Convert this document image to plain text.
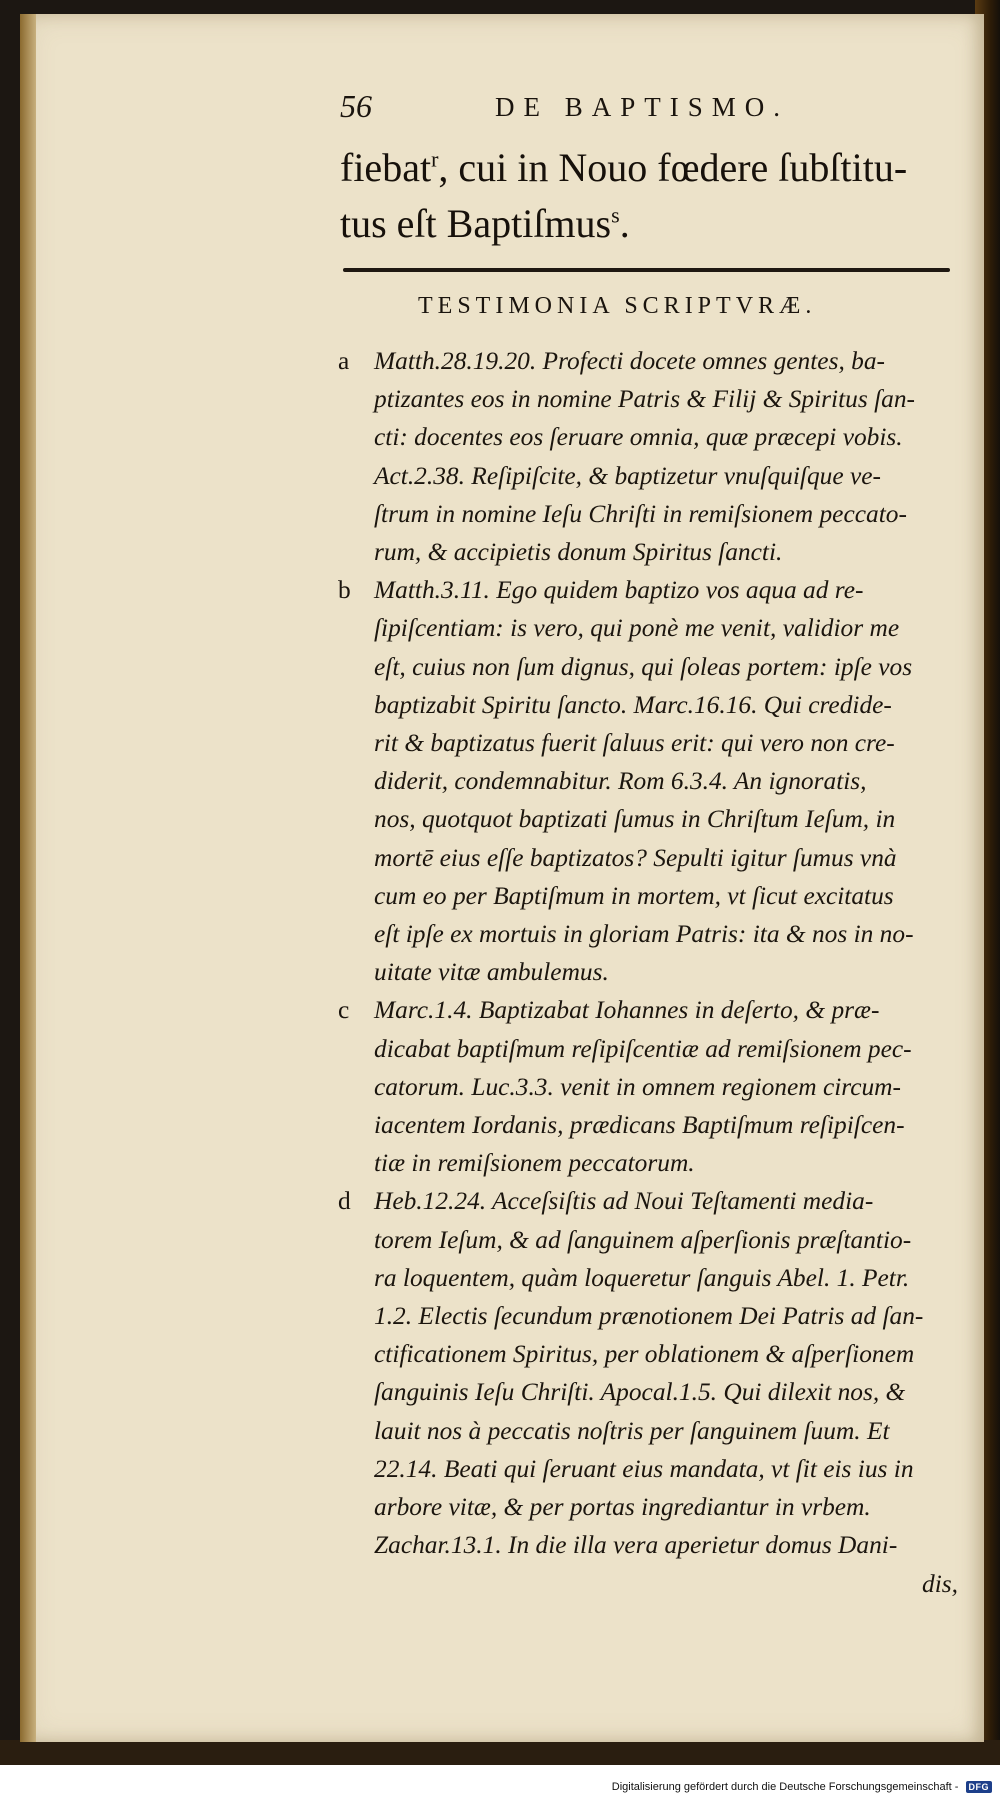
56	DE BAPTISMO.
fiebat$^r$, cui in Nouo fœdere ſubſtitu-
tus eſt Baptiſmus$^s$.
TESTIMONIA SCRIPTVRÆ.
a Matth.28.19.20. Profecti docete omnes gentes, ba-
ptizantes eos in nomine Patris & Filij & Spiritus ſan-
cti: docentes eos ſeruare omnia, quæ præcepi vobis.
Act.2.38. Reſipiſcite, & baptizetur vnuſquiſque ve-
ſtrum in nomine Ieſu Chriſti in remiſsionem peccato-
rum, & accipietis donum Spiritus ſancti.
b Matth.3.11. Ego quidem baptizo vos aqua ad re-
ſipiſcentiam: is vero, qui ponè me venit, validior me
eſt, cuius non ſum dignus, qui ſoleas portem: ipſe vos
baptizabit Spiritu ſancto. Marc.16.16. Qui credide-
rit & baptizatus fuerit ſaluus erit: qui vero non cre-
diderit, condemnabitur. Rom 6.3.4. An ignoratis,
nos, quotquot baptizati ſumus in Chriſtum Ieſum, in
mortē eius eſſe baptizatos? Sepulti igitur ſumus vnà
cum eo per Baptiſmum in mortem, vt ſicut excitatus
eſt ipſe ex mortuis in gloriam Patris: ita & nos in no-
uitate vitæ ambulemus.
c Marc.1.4. Baptizabat Iohannes in deſerto, & præ-
dicabat baptiſmum reſipiſcentiæ ad remiſsionem pec-
catorum. Luc.3.3. venit in omnem regionem circum-
iacentem Iordanis, prædicans Baptiſmum reſipiſcen-
tiæ in remiſsionem peccatorum.
d Heb.12.24. Acceſsiſtis ad Noui Teſtamenti media-
torem Ieſum, & ad ſanguinem aſperſionis præſtantio-
ra loquentem, quàm loqueretur ſanguis Abel. 1. Petr.
1.2. Electis ſecundum prænotionem Dei Patris ad ſan-
ctificationem Spiritus, per oblationem & aſperſionem
ſanguinis Ieſu Chriſti. Apocal.1.5. Qui dilexit nos, &
lauit nos à peccatis noſtris per ſanguinem ſuum. Et
22.14. Beati qui ſeruant eius mandata, vt ſit eis ius in
arbore vitæ, & per portas ingrediantur in vrbem.
Zachar.13.1. In die illa vera aperietur domus Dani-
dis,
Digitalisierung gefördert durch die Deutsche Forschungsgemeinschaft - DFG
